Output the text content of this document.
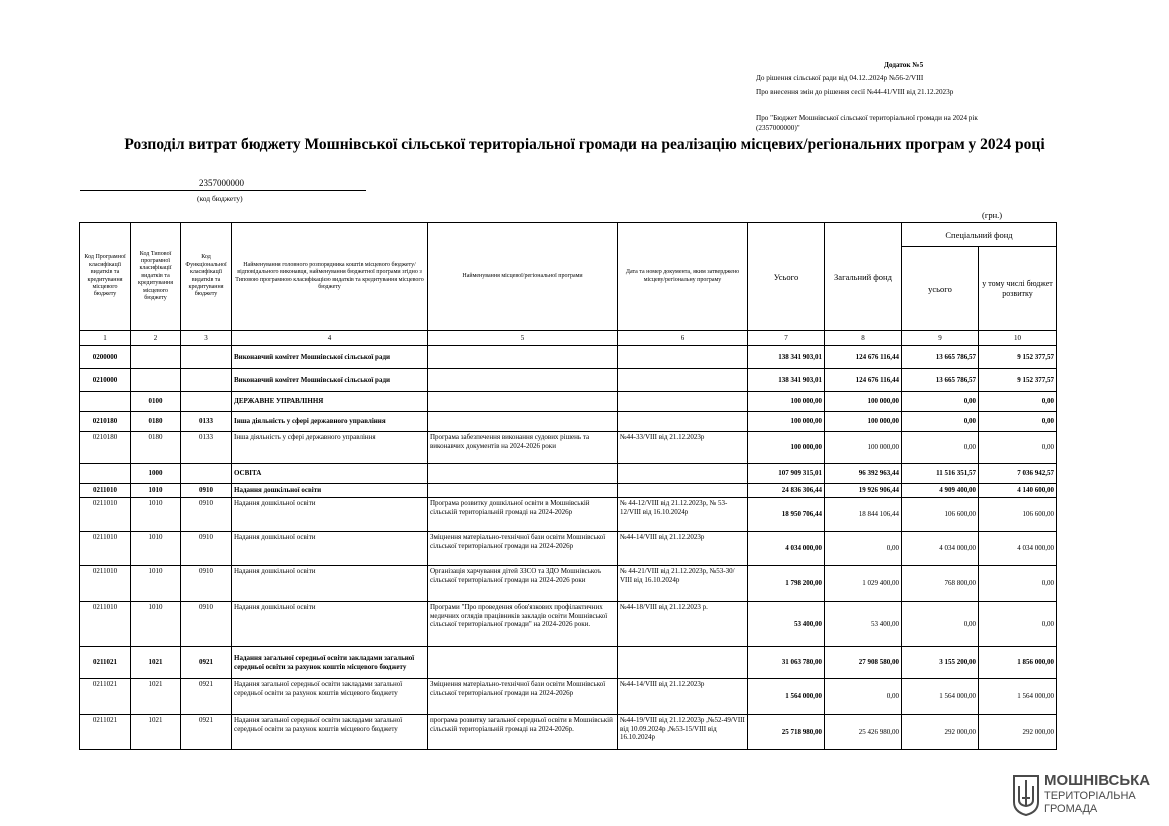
Додаток №5
До рішення сільської ради від 04.12..2024р №56-2/VIII
Про внесення змін до рішення сесії №44-41/VIII від 21.12.2023р
Про "Бюджет Мошнівської сільської територіальної громади на 2024 рік
(2357000000)"
Розподіл витрат бюджету Мошнівської сільської територіальної громади на реалізацію місцевих/регіональних програм у 2024 році
2357000000
(код бюджету)
(грн.)
Код Програмної класифікації видатків та кредитування місцевого бюджету	Код Типової програмної класифікації видатків та кредитування місцевого бюджету	Код Функціональної класифікації видатків та кредитування бюджету	Найменування головного розпорядника коштів місцевого бюджету/ відповідального виконавця, найменування бюджетної програми згідно з Типовою програмною класифікацією видатків та кредитування місцевого бюджету	Найменування місцевої/регіональної програми	Дата та номер документа, яким затверджено місцеву/регіональну програму	Усього	Загальний фонд	Спеціальний фонд	
								усього	у тому числі бюджет розвитку
1	2	3	4	5	6	7	8	9	10
0200000			Виконавчий комітет Мошнівської сільської ради			138 341 903,01	124 676 116,44	13 665 786,57	9 152 377,57
0210000			Виконавчий комітет Мошнівської сільської ради			138 341 903,01	124 676 116,44	13 665 786,57	9 152 377,57
	0100		ДЕРЖАВНЕ УПРАВЛІННЯ			100 000,00	100 000,00	0,00	0,00
0210180	0180	0133	Інша діяльність у сфері державного управління			100 000,00	100 000,00	0,00	0,00
0210180	0180	0133	Інша діяльність у сфері державного управління	Програма забезпечення виконання судових рішень та виконавчих документів на 2024-2026 роки	№44-33/VIII від 21.12.2023р	100 000,00	100 000,00	0,00	0,00
	1000		ОСВІТА			107 909 315,01	96 392 963,44	11 516 351,57	7 036 942,57
0211010	1010	0910	Надання дошкільної освіти			24 836 306,44	19 926 906,44	4 909 400,00	4 140 600,00
0211010	1010	0910	Надання дошкільної освіти	Програма розвитку дошкільної освіти в Мошнівській сільській територіальній громаді на 2024-2026р	№ 44-12/VIII від 21.12.2023р, № 53-12/VIII від 16.10.2024р	18 950 706,44	18 844 106,44	106 600,00	106 600,00
0211010	1010	0910	Надання дошкільної освіти	Зміцнення матеріально-технічної бази освіти Мошнівської сільської територіальної громади на 2024-2026р	№44-14/VIII від 21.12.2023р	4 034 000,00	0,00	4 034 000,00	4 034 000,00
0211010	1010	0910	Надання дошкільної освіти	Організація харчування дітей ЗЗСО та ЗДО Мошнівськоъ сільської територіальної громади на 2024-2026 роки	№ 44-21/VIII від 21.12.2023р, №53-30/ VIII від 16.10.2024р	1 798 200,00	1 029 400,00	768 800,00	0,00
0211010	1010	0910	Надання дошкільної освіти	Програми "Про проведення обов'язкових профілактичних медичних оглядів працівників закладів освіти Мошнівської сільської територіальної громади" на 2024-2026 роки.	№44-18/VIII від 21.12.2023 р.	53 400,00	53 400,00	0,00	0,00
0211021	1021	0921	Надання загальної середньої освіти закладами загальної середньої освіти за рахунок коштів місцевого бюджету			31 063 780,00	27 908 580,00	3 155 200,00	1 856 000,00
0211021	1021	0921	Надання загальної середньої освіти закладами загальної середньої освіти за рахунок коштів місцевого бюджету	Зміцнення матеріально-технічної бази освіти Мошнівської сільської територіальної громади на 2024-2026р	№44-14/VIII від 21.12.2023р	1 564 000,00	0,00	1 564 000,00	1 564 000,00
0211021	1021	0921	Надання загальної середньої освіти закладами загальної середньої освіти за рахунок коштів місцевого бюджету	програма розвитку загальної середньої освіти в Мошнівській сільській територіальній громаді на 2024-2026р.	№44-19/VIII від 21.12.2023р ,№52-49/VIII від 10.09.2024р ,№53-15/VIII від 16.10.2024р	25 718 980,00	25 426 980,00	292 000,00	292 000,00
МОШНІВСЬКА
ТЕРИТОРІАЛЬНА
ГРОМАДА
